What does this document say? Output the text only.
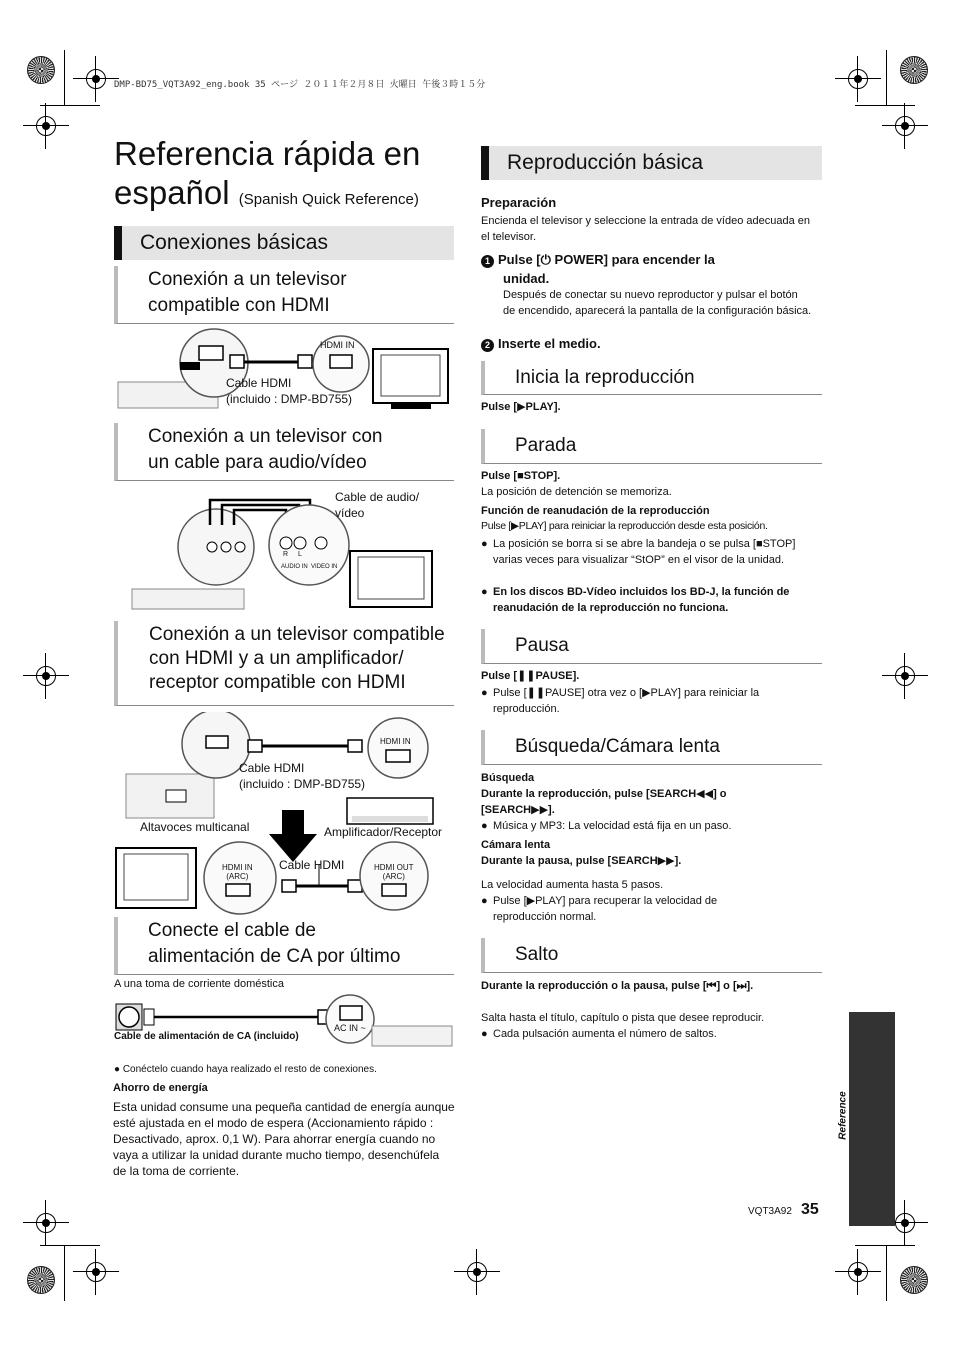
DMP-BD75_VQT3A92_eng.book 35 ページ ２０１１年２月８日 火曜日 午後３時１５分
Referencia rápida en
español (Spanish Quick Reference)
Conexiones básicas
Conexión a un televisor
compatible con HDMI
HDMI IN
Cable HDMI
(incluido : DMP-BD755)
Conexión a un televisor con
un cable para audio/vídeo
Cable de audio/
vídeo
R L
AUDIO IN VIDEO IN
Conexión a un televisor compatible
con HDMI y a un amplificador/
receptor compatible con HDMI
HDMI IN
Cable HDMI
(incluido : DMP-BD755)
Altavoces multicanal	Amplificador/Receptor
Cable HDMI
HDMI IN
(ARC)
HDMI OUT
(ARC)
Conecte el cable de
alimentación de CA por último
A una toma de corriente doméstica
AC IN ~
Cable de alimentación de CA (incluido)
● Conéctelo cuando haya realizado el resto de conexiones.
Ahorro de energía
Esta unidad consume una pequeña cantidad de energía aunque esté ajustada en el modo de espera (Accionamiento rápido : Desactivado, aprox. 0,1 W). Para ahorrar energía cuando no vaya a utilizar la unidad durante mucho tiempo, desenchúfela de la toma de corriente.
Reproducción básica
Preparación
Encienda el televisor y seleccione la entrada de vídeo adecuada en el televisor.
1 Pulse [⏻ POWER] para encender la
unidad.
Después de conectar su nuevo reproductor y pulsar el botón de encendido, aparecerá la pantalla de la configuración básica.
2 Inserte el medio.
Inicia la reproducción
Pulse [▶PLAY].
Parada
Pulse [■STOP].
La posición de detención se memoriza.
Función de reanudación de la reproducción
Pulse [▶PLAY] para reiniciar la reproducción desde esta posición.
● La posición se borra si se abre la bandeja o se pulsa [■STOP] varias veces para visualizar “StOP” en el visor de la unidad.
● En los discos BD-Vídeo incluidos los BD-J, la función de reanudación de la reproducción no funciona.
Pausa
Pulse [❚❚PAUSE].
● Pulse [❚❚PAUSE] otra vez o [▶PLAY] para reiniciar la reproducción.
Búsqueda/Cámara lenta
Búsqueda
Durante la reproducción, pulse [SEARCH◀◀] o [SEARCH▶▶].
● Música y MP3: La velocidad está fija en un paso.
Cámara lenta
Durante la pausa, pulse [SEARCH▶▶].
La velocidad aumenta hasta 5 pasos.
● Pulse [▶PLAY] para recuperar la velocidad de reproducción normal.
Salto
Durante la reproducción o la pausa, pulse [⏮] o [⏭].
Salta hasta el título, capítulo o pista que desee reproducir.
● Cada pulsación aumenta el número de saltos.
Reference
VQT3A92 35
